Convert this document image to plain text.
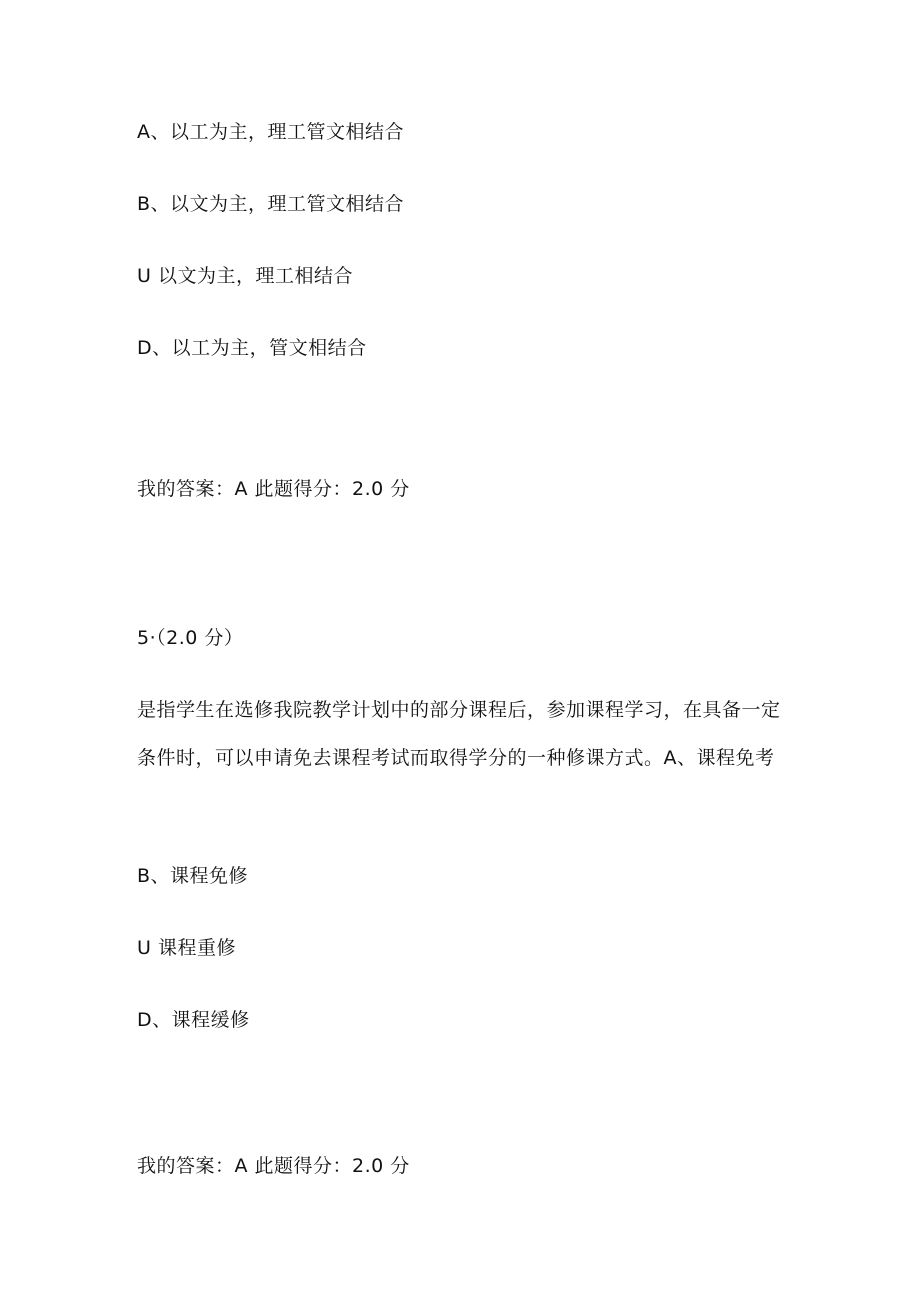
A、以工为主，理工管文相结合
B、以文为主，理工管文相结合
U 以文为主，理工相结合
D、以工为主，管文相结合
我的答案：A 此题得分：2.0 分
5·（2.0 分）
是指学生在选修我院教学计划中的部分课程后，参加课程学习，在具备一定条件时，可以申请免去课程考试而取得学分的一种修课方式。A、课程免考
B、课程免修
U 课程重修
D、课程缓修
我的答案：A 此题得分：2.0 分
